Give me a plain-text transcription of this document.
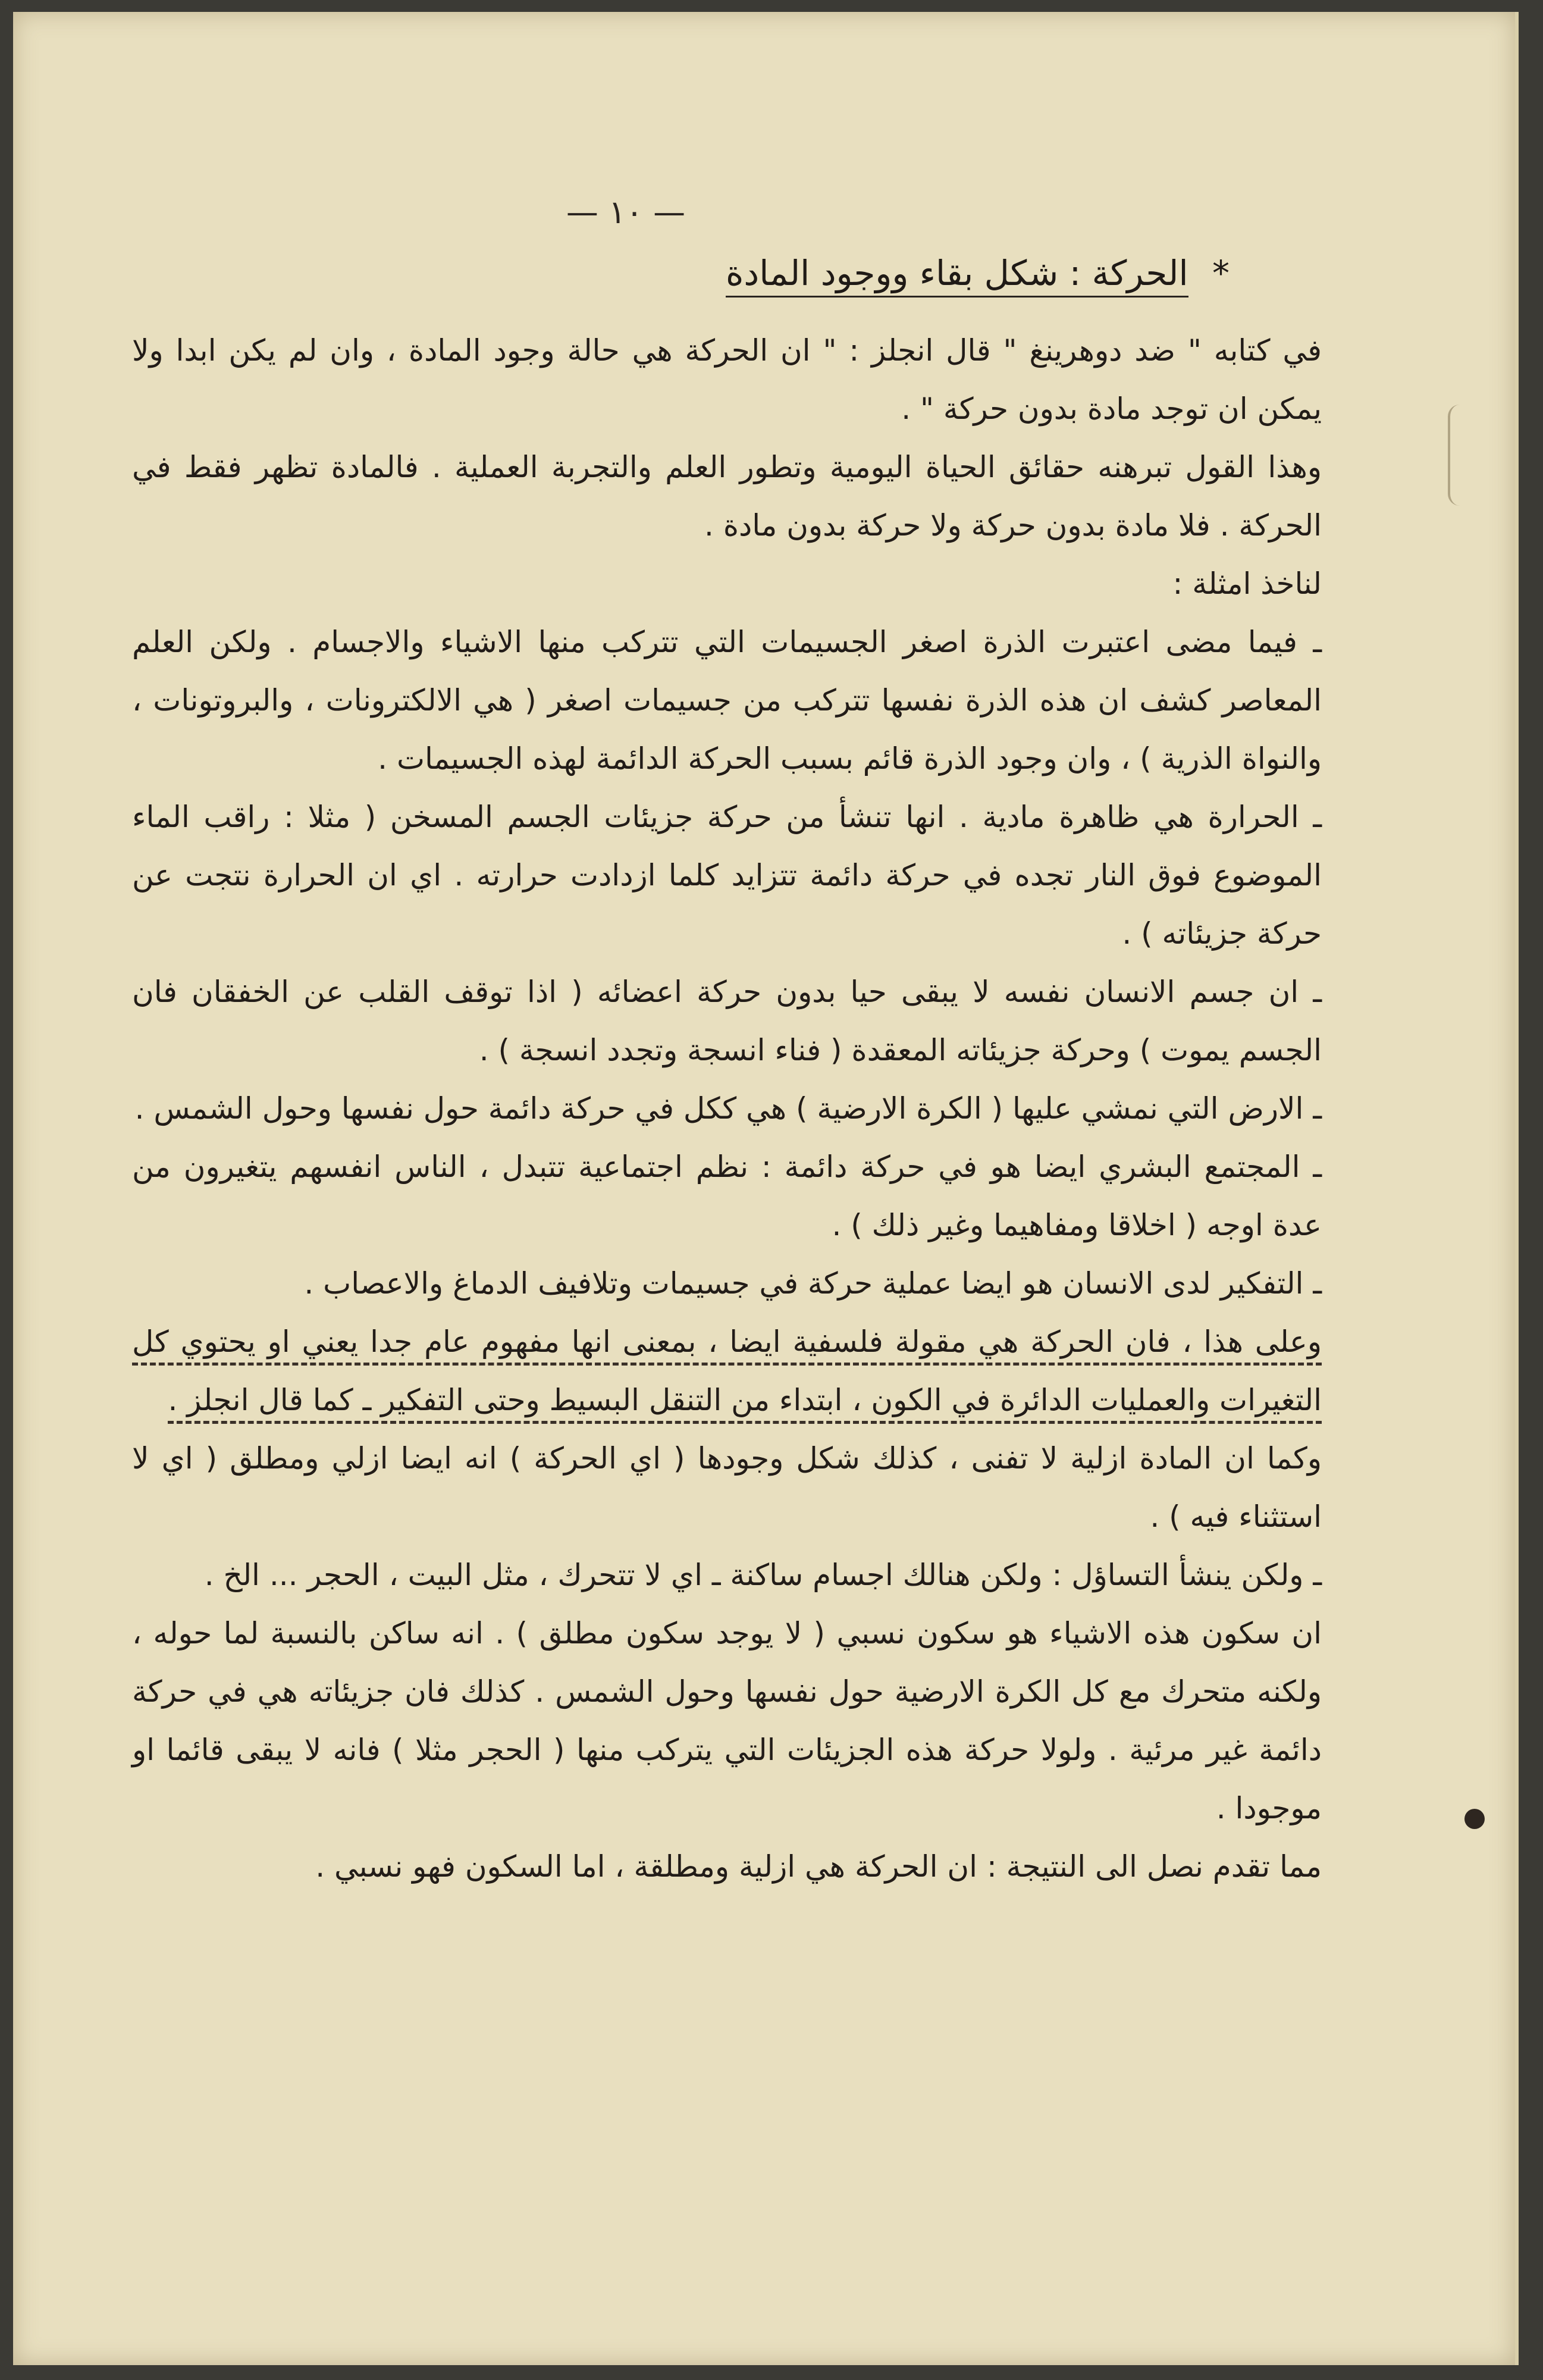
— ١٠ —
* الحركة : شكل بقاء ووجود المادة

في كتابه " ضد دوهرينغ " قال انجلز : " ان الحركة هي حالة وجود المادة ، وان لم يكن ابدا ولا يمكن ان توجد مادة بدون حركة " .

وهذا القول تبرهنه حقائق الحياة اليومية وتطور العلم والتجربة العملية . فالمادة تظهر فقط في الحركة . فلا مادة بدون حركة ولا حركة بدون مادة .

لناخذ امثلة :

ـ فيما مضى اعتبرت الذرة اصغر الجسيمات التي تتركب منها الاشياء والاجسام . ولكن العلم المعاصر كشف ان هذه الذرة نفسها تتركب من جسيمات اصغر ( هي الالكترونات ، والبروتونات ، والنواة الذرية ) ، وان وجود الذرة قائم بسبب الحركة الدائمة لهذه الجسيمات .

ـ الحرارة هي ظاهرة مادية . انها تنشأ من حركة جزيئات الجسم المسخن ( مثلا : راقب الماء الموضوع فوق النار تجده في حركة دائمة تتزايد كلما ازدادت حرارته . اي ان الحرارة نتجت عن حركة جزيئاته ) .

ـ ان جسم الانسان نفسه لا يبقى حيا بدون حركة اعضائه ( اذا توقف القلب عن الخفقان فان الجسم يموت ) وحركة جزيئاته المعقدة ( فناء انسجة وتجدد انسجة ) .

ـ الارض التي نمشي عليها ( الكرة الارضية ) هي ككل في حركة دائمة حول نفسها وحول الشمس .

ـ المجتمع البشري ايضا هو في حركة دائمة : نظم اجتماعية تتبدل ، الناس انفسهم يتغيرون من عدة اوجه ( اخلاقا ومفاهيما وغير ذلك ) .

ـ التفكير لدى الانسان هو ايضا عملية حركة في جسيمات وتلافيف الدماغ والاعصاب .

وعلى هذا ، فان الحركة هي مقولة فلسفية ايضا ، بمعنى انها مفهوم عام جدا يعني او يحتوي كل التغيرات والعمليات الدائرة في الكون ، ابتداء من التنقل البسيط وحتى التفكير ـ كما قال انجلز .

وكما ان المادة ازلية لا تفنى ، كذلك شكل وجودها ( اي الحركة ) انه ايضا ازلي ومطلق ( اي لا استثناء فيه ) .

ـ ولكن ينشأ التساؤل : ولكن هنالك اجسام ساكنة ـ اي لا تتحرك ، مثل البيت ، الحجر ... الخ .

ان سكون هذه الاشياء هو سكون نسبي ( لا يوجد سكون مطلق ) . انه ساكن بالنسبة لما حوله ، ولكنه متحرك مع كل الكرة الارضية حول نفسها وحول الشمس . كذلك فان جزيئاته هي في حركة دائمة غير مرئية . ولولا حركة هذه الجزيئات التي يتركب منها ( الحجر مثلا ) فانه لا يبقى قائما او موجودا .

مما تقدم نصل الى النتيجة : ان الحركة هي ازلية ومطلقة ، اما السكون فهو نسبي .
